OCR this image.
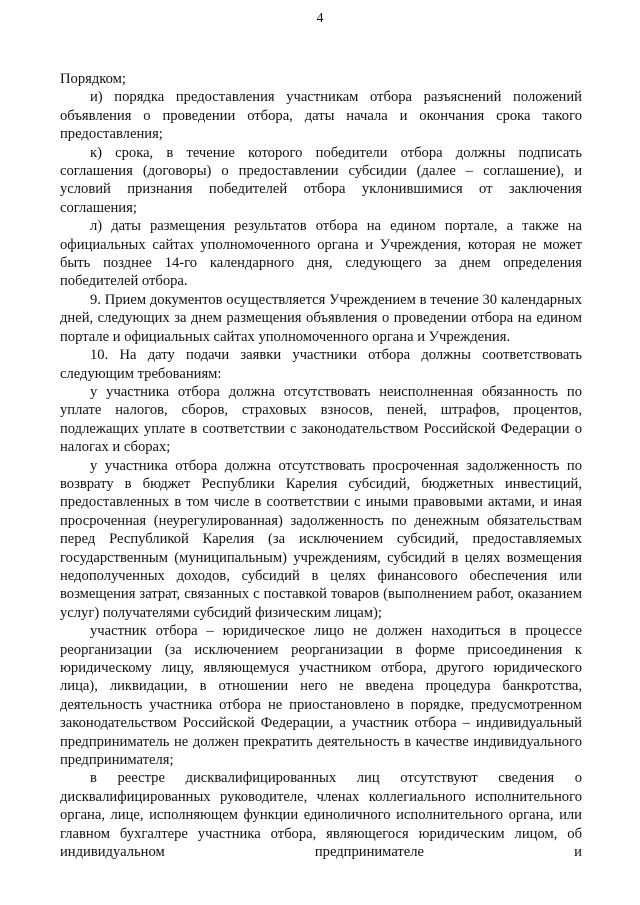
4

Порядком;

и) порядка предоставления участникам отбора разъяснений положений объявления о проведении отбора, даты начала и окончания срока такого предоставления;

к) срока, в течение которого победители отбора должны подписать соглашения (договоры) о предоставлении субсидии (далее – соглашение), и условий признания победителей отбора уклонившимися от заключения соглашения;

л) даты размещения результатов отбора на едином портале, а также на официальных сайтах уполномоченного органа и Учреждения, которая не может быть позднее 14-го календарного дня, следующего за днем определения победителей отбора.

9. Прием документов осуществляется Учреждением в течение 30 календарных дней, следующих за днем размещения объявления о проведении отбора на едином портале и официальных сайтах уполномоченного органа и Учреждения.

10. На дату подачи заявки участники отбора должны соответствовать следующим требованиям:

у участника отбора должна отсутствовать неисполненная обязанность по уплате налогов, сборов, страховых взносов, пеней, штрафов, процентов, подлежащих уплате в соответствии с законодательством Российской Федерации о налогах и сборах;

у участника отбора должна отсутствовать просроченная задолженность по возврату в бюджет Республики Карелия субсидий, бюджетных инвестиций, предоставленных в том числе в соответствии с иными правовыми актами, и иная просроченная (неурегулированная) задолженность по денежным обязательствам перед Республикой Карелия (за исключением субсидий, предоставляемых государственным (муниципальным) учреждениям, субсидий в целях возмещения недополученных доходов, субсидий в целях финансового обеспечения или возмещения затрат, связанных с поставкой товаров (выполнением работ, оказанием услуг) получателями субсидий физическим лицам);

участник отбора – юридическое лицо не должен находиться в процессе реорганизации (за исключением реорганизации в форме присоединения к юридическому лицу, являющемуся участником отбора, другого юридического лица), ликвидации, в отношении него не введена процедура банкротства, деятельность участника отбора не приостановлено в порядке, предусмотренном законодательством Российской Федерации, а участник отбора – индивидуальный предприниматель не должен прекратить деятельность в качестве индивидуального предпринимателя;

в реестре дисквалифицированных лиц отсутствуют сведения о дисквалифицированных руководителе, членах коллегиального исполнительного органа, лице, исполняющем функции единоличного исполнительного органа, или главном бухгалтере участника отбора, являющегося юридическим лицом, об индивидуальном предпринимателе и
